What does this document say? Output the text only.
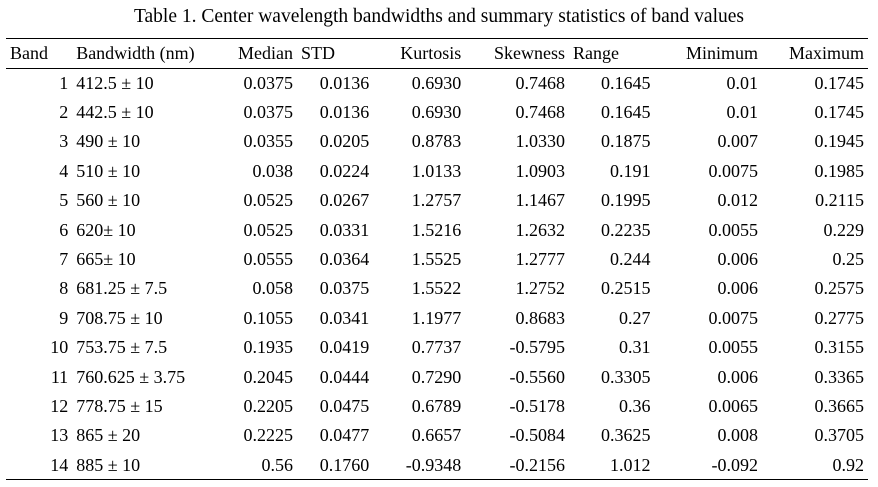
Table 1. Center wavelength bandwidths and summary statistics of band values
Band	Bandwidth (nm)	Median	STD	Kurtosis	Skewness	Range	Minimum	Maximum
1	412.5 ± 10	0.0375	0.0136	0.6930	0.7468	0.1645	0.01	0.1745
2	442.5 ± 10	0.0375	0.0136	0.6930	0.7468	0.1645	0.01	0.1745
3	490 ± 10	0.0355	0.0205	0.8783	1.0330	0.1875	0.007	0.1945
4	510 ± 10	0.038	0.0224	1.0133	1.0903	0.191	0.0075	0.1985
5	560 ± 10	0.0525	0.0267	1.2757	1.1467	0.1995	0.012	0.2115
6	620± 10	0.0525	0.0331	1.5216	1.2632	0.2235	0.0055	0.229
7	665± 10	0.0555	0.0364	1.5525	1.2777	0.244	0.006	0.25
8	681.25 ± 7.5	0.058	0.0375	1.5522	1.2752	0.2515	0.006	0.2575
9	708.75 ± 10	0.1055	0.0341	1.1977	0.8683	0.27	0.0075	0.2775
10	753.75 ± 7.5	0.1935	0.0419	0.7737	-0.5795	0.31	0.0055	0.3155
11	760.625 ± 3.75	0.2045	0.0444	0.7290	-0.5560	0.3305	0.006	0.3365
12	778.75 ± 15	0.2205	0.0475	0.6789	-0.5178	0.36	0.0065	0.3665
13	865 ± 20	0.2225	0.0477	0.6657	-0.5084	0.3625	0.008	0.3705
14	885 ± 10	0.56	0.1760	-0.9348	-0.2156	1.012	-0.092	0.92
